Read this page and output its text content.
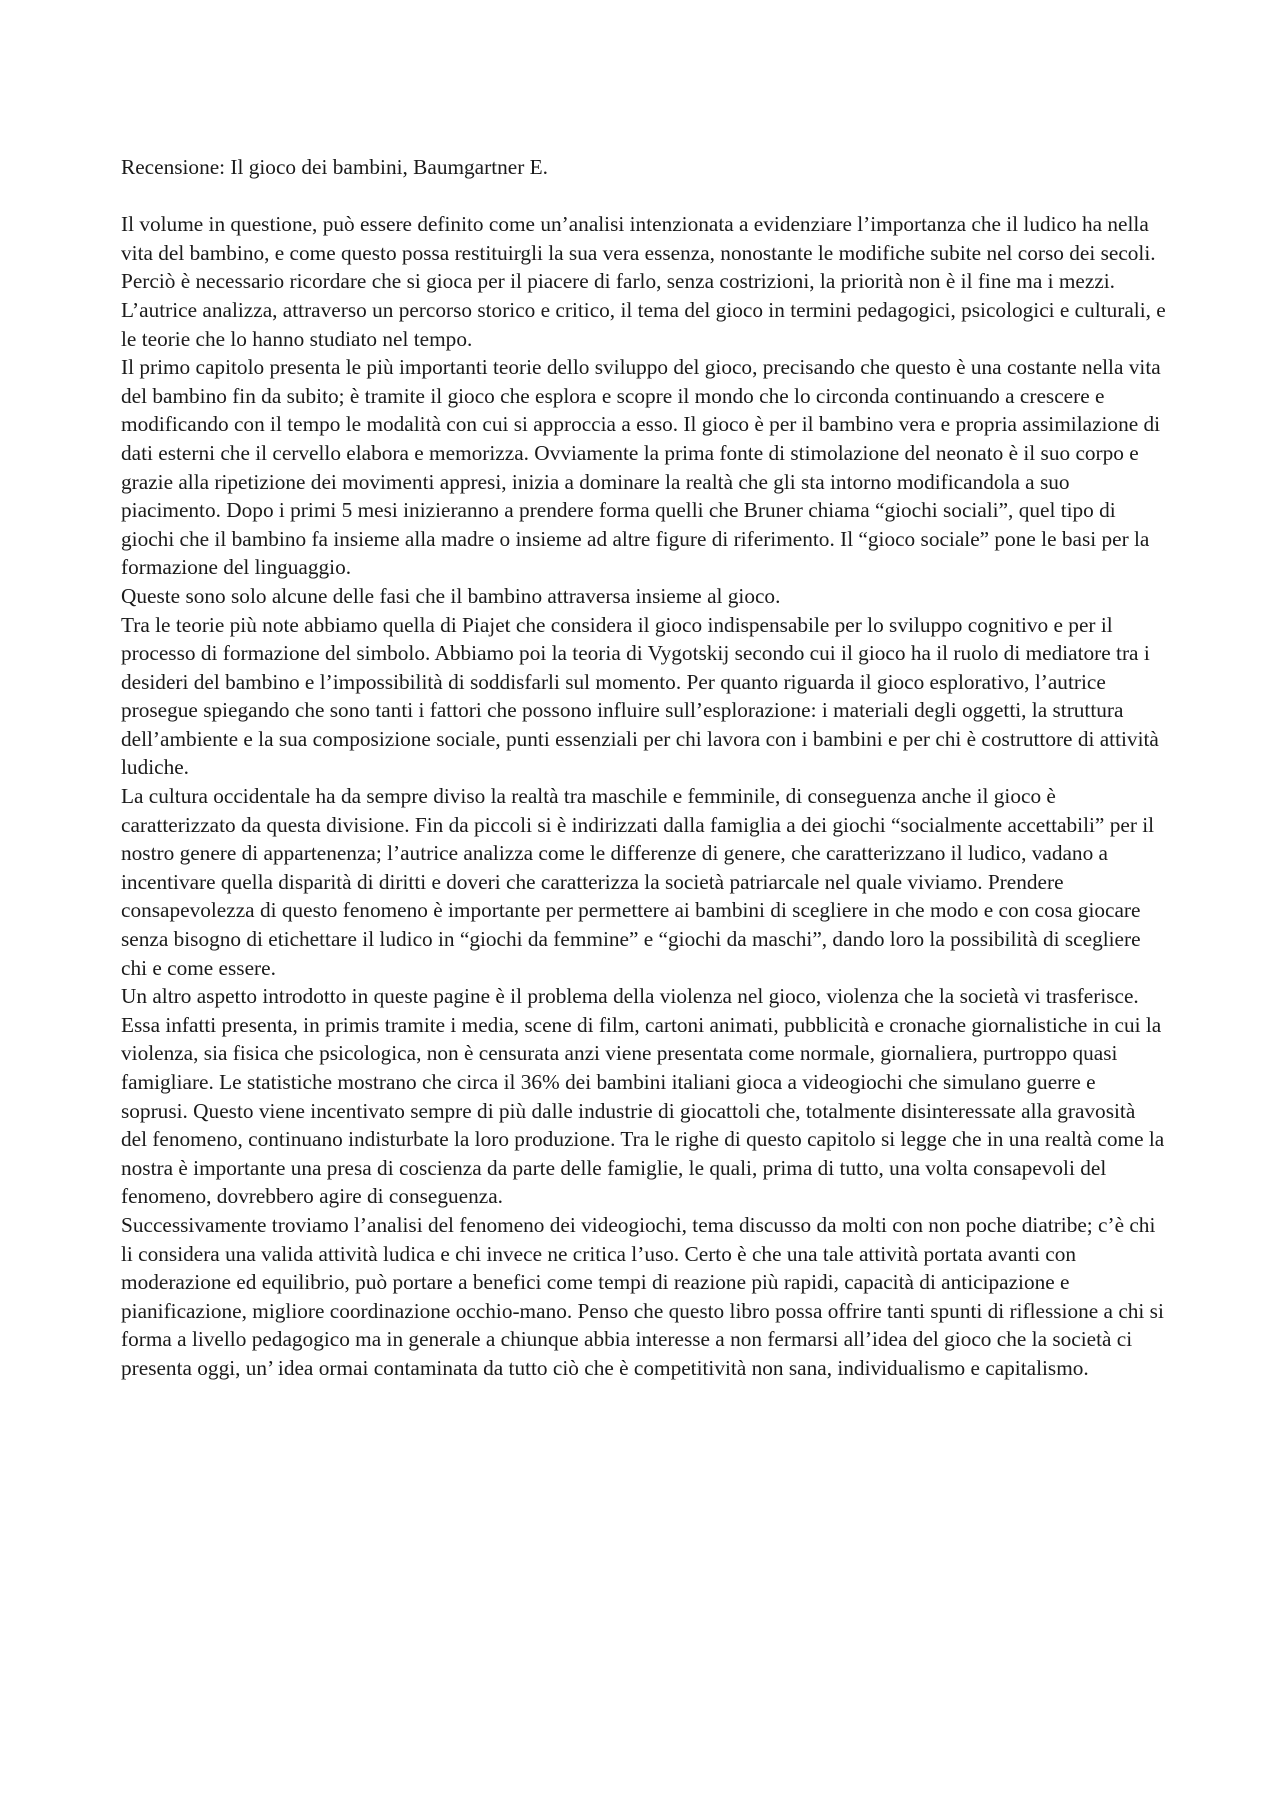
Recensione: Il gioco dei bambini, Baumgartner E.

Il volume in questione, può essere definito come un’analisi intenzionata a evidenziare l’importanza che il ludico ha nella vita del bambino, e come questo possa restituirgli la sua vera essenza, nonostante le modifiche subite nel corso dei secoli. Perciò è necessario ricordare che si gioca per il piacere di farlo, senza costrizioni, la priorità non è il fine ma i mezzi. L’autrice analizza, attraverso un percorso storico e critico, il tema del gioco in termini pedagogici, psicologici e culturali, e le teorie che lo hanno studiato nel tempo.

Il primo capitolo presenta le più importanti teorie dello sviluppo del gioco, precisando che questo è una costante nella vita del bambino fin da subito; è tramite il gioco che esplora e scopre il mondo che lo circonda continuando a crescere e modificando con il tempo le modalità con cui si approccia a esso. Il gioco è per il bambino vera e propria assimilazione di dati esterni che il cervello elabora e memorizza. Ovviamente la prima fonte di stimolazione del neonato è il suo corpo e grazie alla ripetizione dei movimenti appresi, inizia a dominare la realtà che gli sta intorno modificandola a suo piacimento. Dopo i primi 5 mesi inizieranno a prendere forma quelli che Bruner chiama “giochi sociali”, quel tipo di giochi che il bambino fa insieme alla madre o insieme ad altre figure di riferimento. Il “gioco sociale” pone le basi per la formazione del linguaggio.

Queste sono solo alcune delle fasi che il bambino attraversa insieme al gioco.

Tra le teorie più note abbiamo quella di Piajet che considera il gioco indispensabile per lo sviluppo cognitivo e per il processo di formazione del simbolo. Abbiamo poi la teoria di Vygotskij secondo cui il gioco ha il ruolo di mediatore tra i desideri del bambino e l’impossibilità di soddisfarli sul momento. Per quanto riguarda il gioco esplorativo, l’autrice prosegue spiegando che sono tanti i fattori che possono influire sull’esplorazione: i materiali degli oggetti, la struttura dell’ambiente e la sua composizione sociale, punti essenziali per chi lavora con i bambini e per chi è costruttore di attività ludiche.

La cultura occidentale ha da sempre diviso la realtà tra maschile e femminile, di conseguenza anche il gioco è caratterizzato da questa divisione. Fin da piccoli si è indirizzati dalla famiglia a dei giochi “socialmente accettabili” per il nostro genere di appartenenza; l’autrice analizza come le differenze di genere, che caratterizzano il ludico, vadano a incentivare quella disparità di diritti e doveri che caratterizza la società patriarcale nel quale viviamo. Prendere consapevolezza di questo fenomeno è importante per permettere ai bambini di scegliere in che modo e con cosa giocare senza bisogno di etichettare il ludico in “giochi da femmine” e “giochi da maschi”, dando loro la possibilità di scegliere chi e come essere.

Un altro aspetto introdotto in queste pagine è il problema della violenza nel gioco, violenza che la società vi trasferisce. Essa infatti presenta, in primis tramite i media, scene di film, cartoni animati, pubblicità e cronache giornalistiche in cui la violenza, sia fisica che psicologica, non è censurata anzi viene presentata come normale, giornaliera, purtroppo quasi famigliare. Le statistiche mostrano che circa il 36% dei bambini italiani gioca a videogiochi che simulano guerre e soprusi. Questo viene incentivato sempre di più dalle industrie di giocattoli che, totalmente disinteressate alla gravosità del fenomeno, continuano indisturbate la loro produzione. Tra le righe di questo capitolo si legge che in una realtà come la nostra è importante una presa di coscienza da parte delle famiglie, le quali, prima di tutto, una volta consapevoli del fenomeno, dovrebbero agire di conseguenza.

Successivamente troviamo l’analisi del fenomeno dei videogiochi, tema discusso da molti con non poche diatribe; c’è chi li considera una valida attività ludica e chi invece ne critica l’uso. Certo è che una tale attività portata avanti con moderazione ed equilibrio, può portare a benefici come tempi di reazione più rapidi, capacità di anticipazione e pianificazione, migliore coordinazione occhio-mano. Penso che questo libro possa offrire tanti spunti di riflessione a chi si forma a livello pedagogico ma in generale a chiunque abbia interesse a non fermarsi all’idea del gioco che la società ci presenta oggi, un’ idea ormai contaminata da tutto ciò che è competitività non sana, individualismo e capitalismo.
